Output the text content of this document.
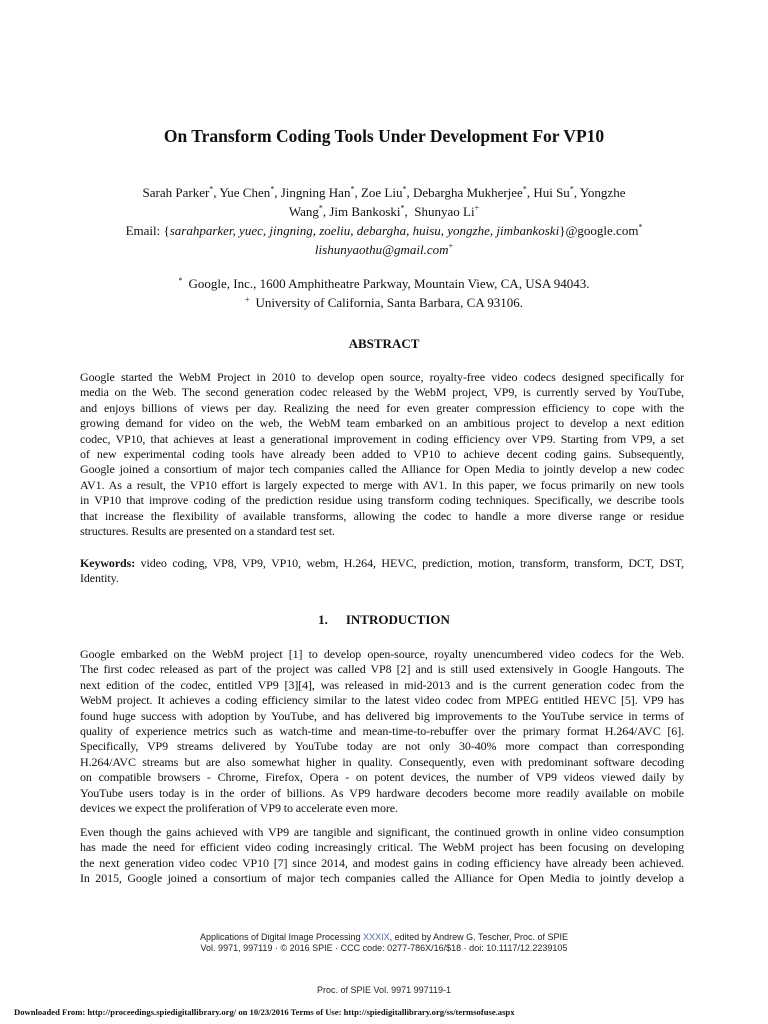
On Transform Coding Tools Under Development For VP10
Sarah Parker*, Yue Chen*, Jingning Han*, Zoe Liu*, Debargha Mukherjee*, Hui Su*, Yongzhe
Wang*, Jim Bankoski*,  Shunyao Li+
Email: {sarahparker, yuec, jingning, zoeliu, debargha, huisu, yongzhe, jimbankoski}@google.com*
lishunyaothu@gmail.com+
* Google, Inc., 1600 Amphitheatre Parkway, Mountain View, CA, USA 94043.
+ University of California, Santa Barbara, CA 93106.
ABSTRACT
Google started the WebM Project in 2010 to develop open source, royalty-free video codecs designed specifically for
media on the Web. The second generation codec released by the WebM project, VP9, is currently served by YouTube,
and enjoys billions of views per day. Realizing the need for even greater compression efficiency to cope with the
growing demand for video on the web, the WebM team embarked on an ambitious project to develop a next edition
codec, VP10, that achieves at least a generational improvement in coding efficiency over VP9. Starting from VP9, a set
of new experimental coding tools have already been added to VP10 to achieve decent coding gains. Subsequently,
Google joined a consortium of major tech companies called the Alliance for Open Media to jointly develop a new codec
AV1. As a result, the VP10 effort is largely expected to merge with AV1. In this paper, we focus primarily on new tools
in VP10 that improve coding of the prediction residue using transform coding techniques. Specifically, we describe tools
that increase the flexibility of available transforms, allowing the codec to handle a more diverse range or residue
structures. Results are presented on a standard test set.
Keywords: video coding, VP8, VP9, VP10, webm, H.264, HEVC, prediction, motion, transform, transform, DCT, DST,
Identity.
1. INTRODUCTION
Google embarked on the WebM project [1] to develop open-source, royalty unencumbered video codecs for the Web.
The first codec released as part of the project was called VP8 [2] and is still used extensively in Google Hangouts. The
next edition of the codec, entitled VP9 [3][4], was released in mid-2013 and is the current generation codec from the
WebM project. It achieves a coding efficiency similar to the latest video codec from MPEG entitled HEVC [5]. VP9 has
found huge success with adoption by YouTube, and has delivered big improvements to the YouTube service in terms of
quality of experience metrics such as watch-time and mean-time-to-rebuffer over the primary format H.264/AVC [6].
Specifically, VP9 streams delivered by YouTube today are not only 30-40% more compact than corresponding
H.264/AVC streams but are also somewhat higher in quality. Consequently, even with predominant software decoding
on compatible browsers - Chrome, Firefox, Opera - on potent devices, the number of VP9 videos viewed daily by
YouTube users today is in the order of billions. As VP9 hardware decoders become more readily available on mobile
devices we expect the proliferation of VP9 to accelerate even more.
Even though the gains achieved with VP9 are tangible and significant, the continued growth in online video consumption
has made the need for efficient video coding increasingly critical. The WebM project has been focusing on developing
the next generation video codec VP10 [7] since 2014, and modest gains in coding efficiency have already been achieved.
In 2015, Google joined a consortium of major tech companies called the Alliance for Open Media to jointly develop a
Applications of Digital Image Processing XXXIX, edited by Andrew G. Tescher, Proc. of SPIE
Vol. 9971, 997119 · © 2016 SPIE · CCC code: 0277-786X/16/$18 · doi: 10.1117/12.2239105
Proc. of SPIE Vol. 9971 997119-1
Downloaded From: http://proceedings.spiedigitallibrary.org/ on 10/23/2016 Terms of Use: http://spiedigitallibrary.org/ss/termsofuse.aspx
